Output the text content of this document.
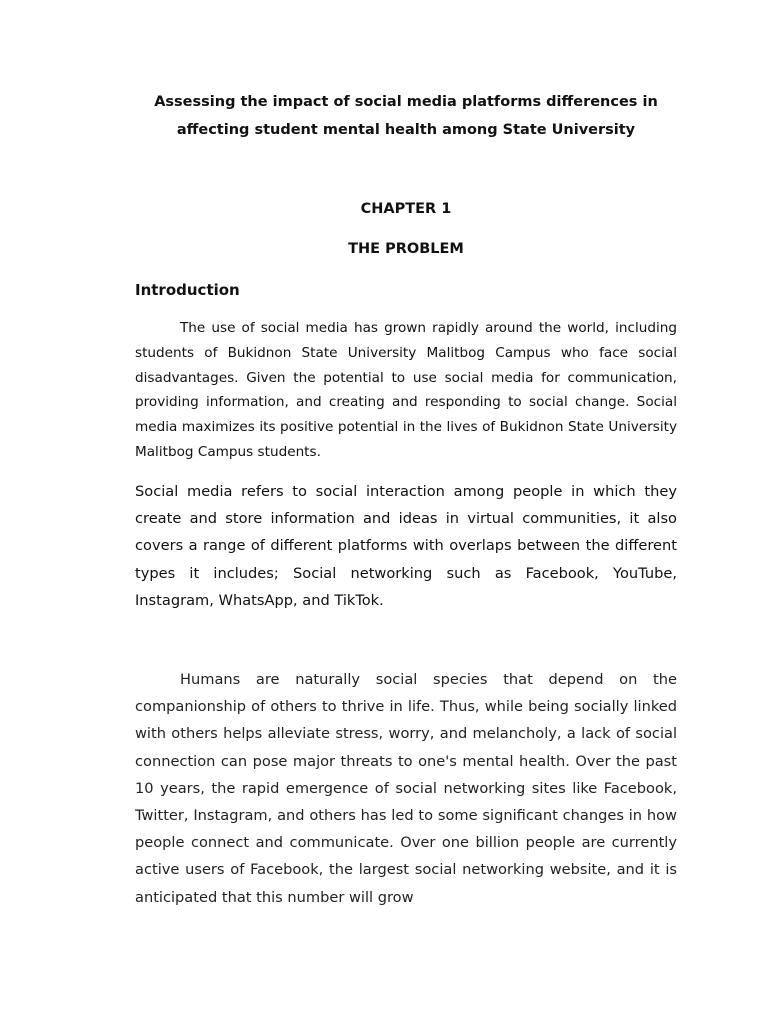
Assessing the impact of social media platforms differences in affecting student mental health among State University
CHAPTER 1
THE PROBLEM
Introduction

The use of social media has grown rapidly around the world, including students of Bukidnon State University Malitbog Campus who face social disadvantages. Given the potential to use social media for communication, providing information, and creating and responding to social change. Social media maximizes its positive potential in the lives of Bukidnon State University Malitbog Campus students.

Social media refers to social interaction among people in which they create and store information and ideas in virtual communities, it also covers a range of different platforms with overlaps between the different types it includes; Social networking such as Facebook, YouTube, Instagram, WhatsApp, and TikTok.

Humans are naturally social species that depend on the companionship of others to thrive in life. Thus, while being socially linked with others helps alleviate stress, worry, and melancholy, a lack of social connection can pose major threats to one's mental health. Over the past 10 years, the rapid emergence of social networking sites like Facebook, Twitter, Instagram, and others has led to some significant changes in how people connect and communicate. Over one billion people are currently active users of Facebook, the largest social networking website, and it is anticipated that this number will grow
